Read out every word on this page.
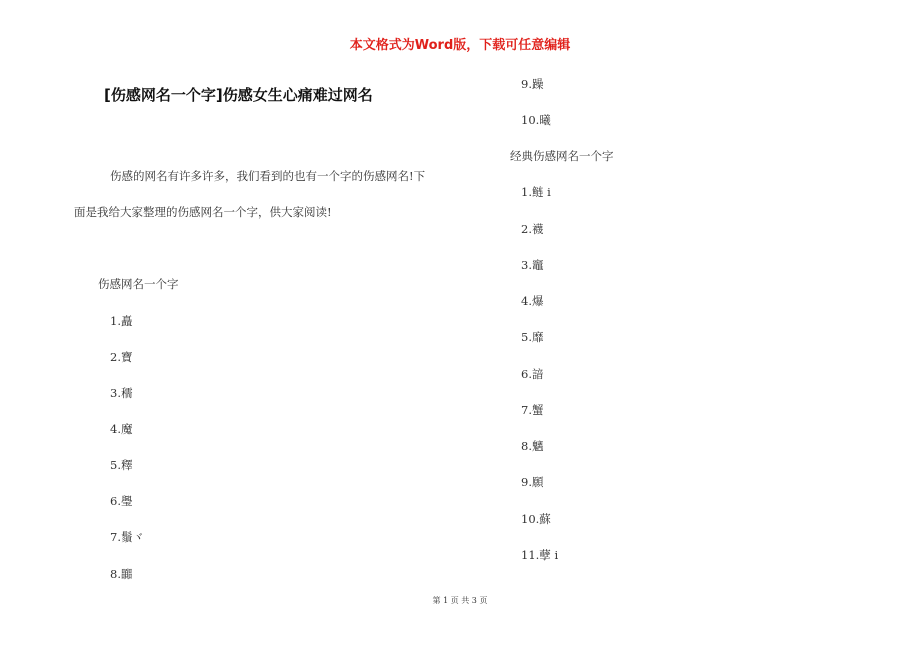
本文格式为Word版，下载可任意编辑
[伤感网名一个字]伤感女生心痛难过网名
伤感的网名有许多许多，我们看到的也有一个字的伤感网名!下
面是我给大家整理的伤感网名一个字，供大家阅读!
伤感网名一个字
1.矗
2.寶
3.穤
4.魔
5.釋
6.璺
7.鬚ヾ
8.嚻
9.躁
10.曦
经典伤感网名一个字
1.鲢 i
2.襪
3.竈
4.爆
5.靡
6.諳
7.蟹
8.魑
9.願
10.蘇
11.孽 i
第 1 页 共 3 页
